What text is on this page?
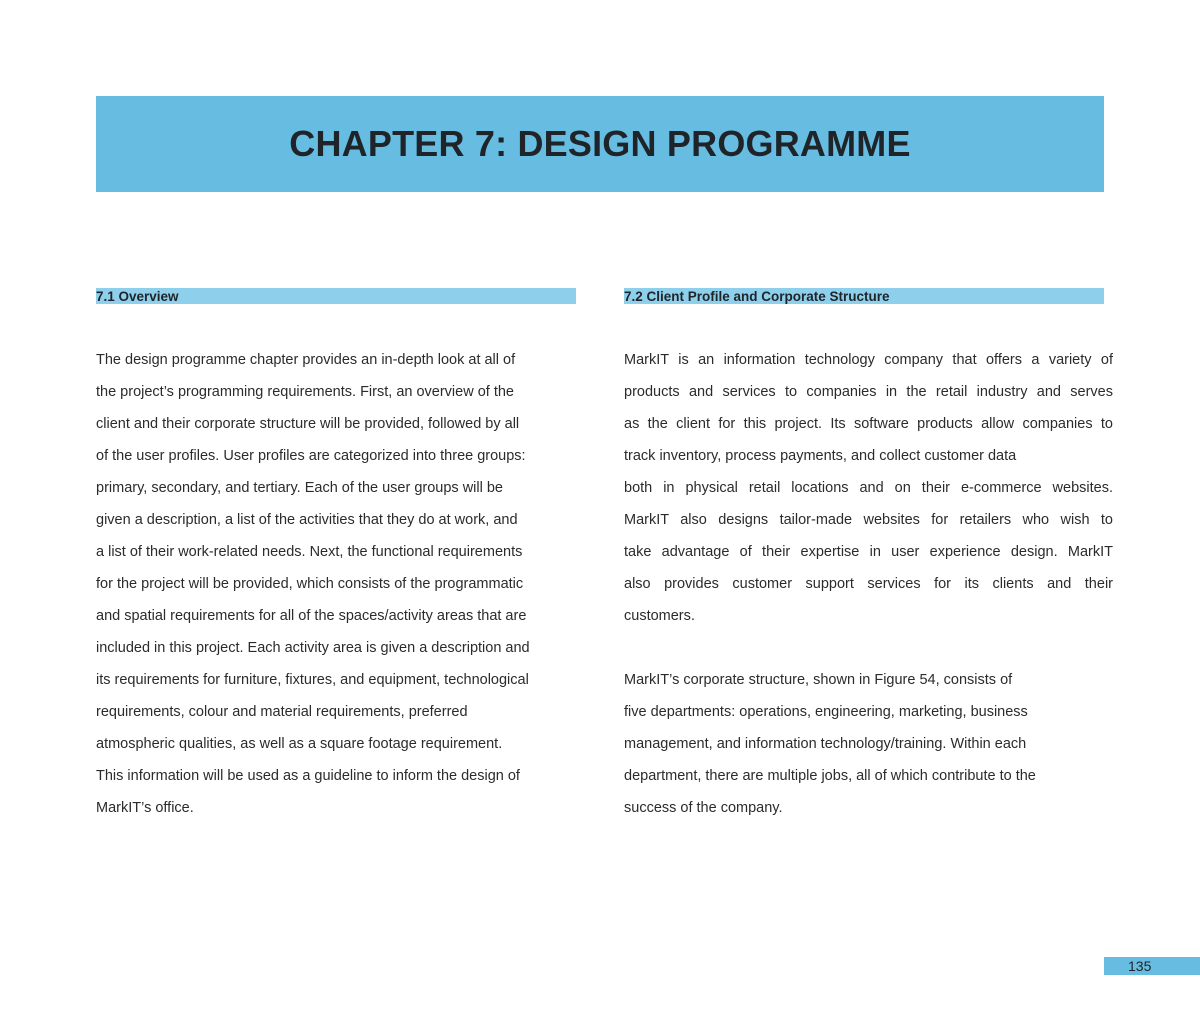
CHAPTER 7: DESIGN PROGRAMME
7.1 Overview	7.2 Client Profile and Corporate Structure
The design programme chapter provides an in-depth look at all of
the project’s programming requirements. First, an overview of the
client and their corporate structure will be provided, followed by all
of the user profiles. User profiles are categorized into three groups:
primary, secondary, and tertiary. Each of the user groups will be
given a description, a list of the activities that they do at work, and
a list of their work-related needs. Next, the functional requirements
for the project will be provided, which consists of the programmatic
and spatial requirements for all of the spaces/activity areas that are
included in this project. Each activity area is given a description and
its requirements for furniture, fixtures, and equipment, technological
requirements, colour and material requirements, preferred
atmospheric qualities, as well as a square footage requirement.
This information will be used as a guideline to inform the design of
MarkIT’s office.
MarkIT is an information technology company that offers a variety of
products and services to companies in the retail industry and serves
as the client for this project. Its software products allow companies to
track inventory, process payments, and collect customer data
both in physical retail locations and on their e-commerce websites.
MarkIT also designs tailor-made websites for retailers who wish to
take advantage of their expertise in user experience design. MarkIT
also provides customer support services for its clients and their
customers.
MarkIT’s corporate structure, shown in Figure 54, consists of
five departments: operations, engineering, marketing, business
management, and information technology/training. Within each
department, there are multiple jobs, all of which contribute to the
success of the company.
135
